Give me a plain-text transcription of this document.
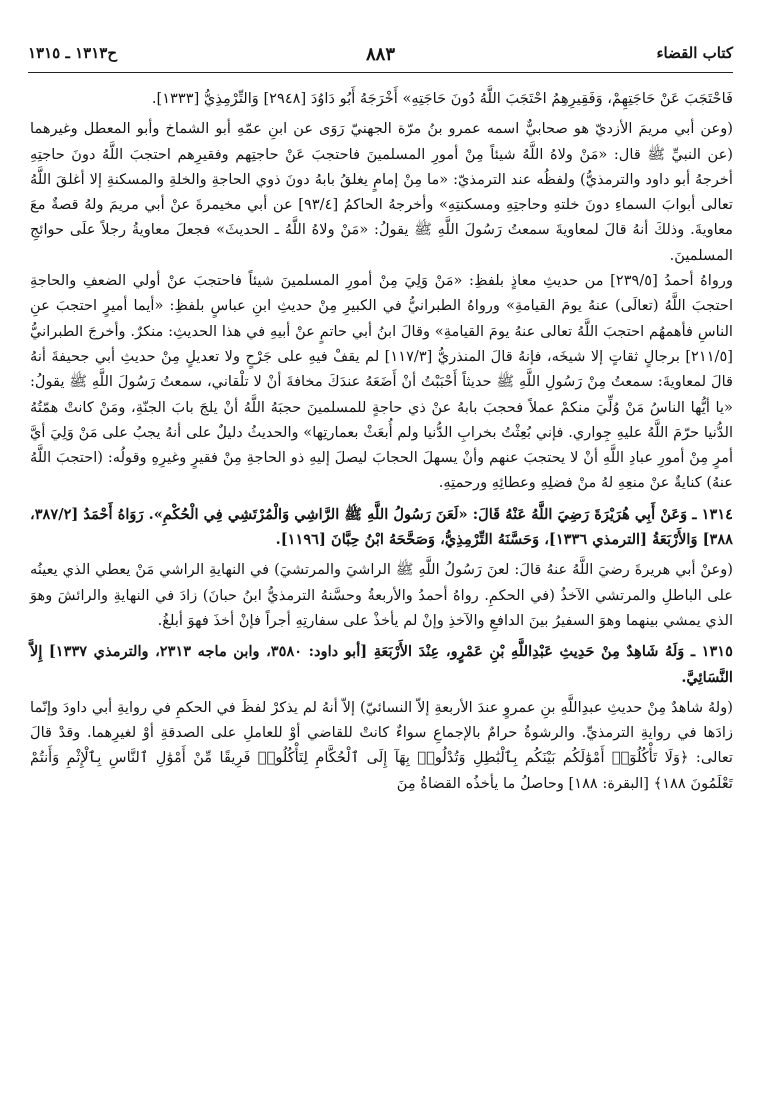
كتاب القضاء
٨٨٣
ح١٣١٣ ـ ١٣١٥

فَاحْتَجَبَ عَنْ حَاجَتِهِمْ، وَفَقِيرِهِمُ احْتَجَبَ اللَّهُ دُونَ حَاجَتِهِ» أَخْرَجَهُ أَبُو دَاوُدَ [٢٩٤٨] وَالتِّرْمِذِيُّ [١٣٣٣].

(وعن أبي مريمَ الأزديّ هو صحابيٌّ اسمه عمرو بنُ مرّة الجهنيّ رَوَى عن ابنِ عمّهِ أبو الشماخ وأبو المعطل وغيرهما (عن النبيِّ ﷺ قال: «مَنْ ولاهُ اللَّهُ شيئاً مِنْ أمورِ المسلمينَ فاحتجبَ عَنْ حاجتِهم وفقيرِهم احتجبَ اللَّهُ دونَ حاجتِهِ أخرجهُ أبو داود والترمذيُّ) ولفظُه عند الترمذيّ: «ما مِنْ إمامٍ يغلقُ بابهُ دونَ ذوي الحاجةِ والخلةِ والمسكنةِ إلا أغلقَ اللَّهُ تعالى أبوابَ السماءِ دونَ خلتهِ وحاجتِهِ ومسكنتِهِ» وأخرجهُ الحاكمُ [٩٣/٤] عن أبي مخيمرةَ عنْ أبي مريمَ ولهُ قصةٌ معَ معاويةَ. وذلكَ أنهُ قالَ لمعاويةَ سمعتُ رَسُولَ اللَّهِ ﷺ يقولُ: «مَنْ ولاهُ اللَّهُ ـ الحديثَ» فجعلَ معاويةُ رجلاً علَى حوائجِ المسلمينَ.

ورواهُ أحمدُ [٢٣٩/٥] من حديثِ معاذٍ بلفظِ: «مَنْ وَلِيَ مِنْ أمورِ المسلمينَ شيئاً فاحتجبَ عنْ أولي الضعفِ والحاجةِ احتجبَ اللَّهُ (تعالَى) عنهُ يومَ القيامةِ» ورواهُ الطبرانيُّ في الكبيرِ مِنْ حديثِ ابنِ عباسٍ بلفظِ: «أيما أميرٍ احتجبَ عنِ الناسِ فأهمهُم احتجبَ اللَّهُ تعالى عنهُ يومَ القيامةِ» وقالَ ابنُ أبي حاتمٍ عنْ أبيهِ في هذا الحديثِ: منكرٌ. وأخرجَ الطبرانيُّ [٢١١/٥] برجالٍ ثقاتٍ إلا شيخَه، فإنهُ قالَ المنذريُّ [١١٧/٣] لم يقفْ فيهِ على جَرْحٍ ولا تعديلٍ مِنْ حديثِ أبي جحيفةَ أنهُ قالَ لمعاويةَ: سمعتُ مِنْ رَسُولِ اللَّهِ ﷺ حديثاً أَحْبَبْتُ أنْ أَضَعَهُ عندَكَ مخافةَ أنْ لا تلْقاني، سمعتُ رَسُولَ اللَّهِ ﷺ يقولُ: «يا أيُّها الناسُ مَنْ وُلِّيَ منكمْ عملاً فحجبَ بابهُ عنْ ذي حاجةٍ للمسلمينَ حجبَهُ اللَّهُ أنْ يلجَ بابَ الجنّةِ، ومَنْ كانتْ همّتُهُ الدُّنيا حرّمَ اللَّهُ عليهِ جِواري. فإني بُعِثْتُ بخرابِ الدُّنيا ولم أُبعَثْ بعمارتِها» والحديثُ دليلٌ على أنهُ يجبُ على مَنْ وَلِيَ أيَّ أمرٍ مِنْ أمورِ عبادِ اللَّهِ أنْ لا يحتجبَ عنهم وأنْ يسهلَ الحجابَ ليصلَ إليهِ ذو الحاجةِ مِنْ فقيرٍ وغيرِهِ وقولُه: (احتجبَ اللَّهُ عنهُ) كنايةٌ عنْ منعِهِ لهُ منْ فضلِهِ وعطائِهِ ورحمتِهِ.

١٣١٤ ـ وَعَنْ أَبِي هُرَيْرَةَ رَضِيَ اللَّهُ عَنْهُ قَالَ: «لَعَنَ رَسُولُ اللَّهِ ﷺ الرَّاشِي وَالْمُرْتَشِي فِي الْحُكْمِ». رَوَاهُ أَحْمَدُ [٣٨٧/٢، ٣٨٨] وَالأَرْبَعَةُ [الترمذي ١٣٣٦]، وَحَسَّنَهُ التِّرْمِذِيُّ، وَصَحَّحَهُ ابْنُ حِبَّانَ [١١٩٦].

(وعنْ أبي هريرةَ رضيَ اللَّهُ عنهُ قالَ: لعنَ رَسُولُ اللَّهِ ﷺ الراشيَ والمرتشيَ) في النهايةِ الراشي مَنْ يعطي الذي يعينُه على الباطلِ والمرتشي الآخذُ (في الحكمِ. رواهُ أحمدُ والأربعةُ وحسَّنهُ الترمذيُّ ابنُ حبانَ) زادَ في النهايةِ والرائشَ وهوَ الذي يمشي بينهما وهوَ السفيرُ بينَ الدافعِ والآخذِ وإنْ لم يأخذْ على سفارتِهِ أجراً فإنْ أخذَ فهوَ أبلغُ.

١٣١٥ ـ وَلَهُ شَاهِدٌ مِنْ حَدِيثِ عَبْدِاللَّهِ بْنِ عَمْرٍو، عِنْدَ الأَرْبَعَةِ [أبو داود: ٣٥٨٠، وابن ماجه ٢٣١٣، والترمذي ١٣٣٧] إِلاَّ النَّسَائِيَّ.

(ولهُ شاهدٌ مِنْ حديثِ عبدِاللَّهِ بنِ عمروٍ عندَ الأربعةِ إلاّ النسائيّ) إلاّ أنهُ لم يذكرْ لفظَ في الحكمِ في روايةِ أبي داودَ وإنّما زادَها في روايةِ الترمذيِّ. والرشوةُ حرامٌ بالإجماعِ سواءٌ كانتْ للقاضي أوْ للعاملِ على الصدقةِ أوْ لغيرِهما. وقدْ قالَ تعالى: ﴿وَلَا تَأْكُلُوٓا۟ أَمْوَٰلَكُم بَيْنَكُم بِٱلْبَٰطِلِ وَتُدْلُوا۟ بِهَآ إِلَى ٱلْحُكَّامِ لِتَأْكُلُوا۟ فَرِيقًا مِّنْ أَمْوَٰلِ ٱلنَّاسِ بِٱلْإِثْمِ وَأَنتُمْ تَعْلَمُونَ ١٨٨﴾ [البقرة: ١٨٨] وحاصلُ ما يأخذُه القضاةُ مِنَ
